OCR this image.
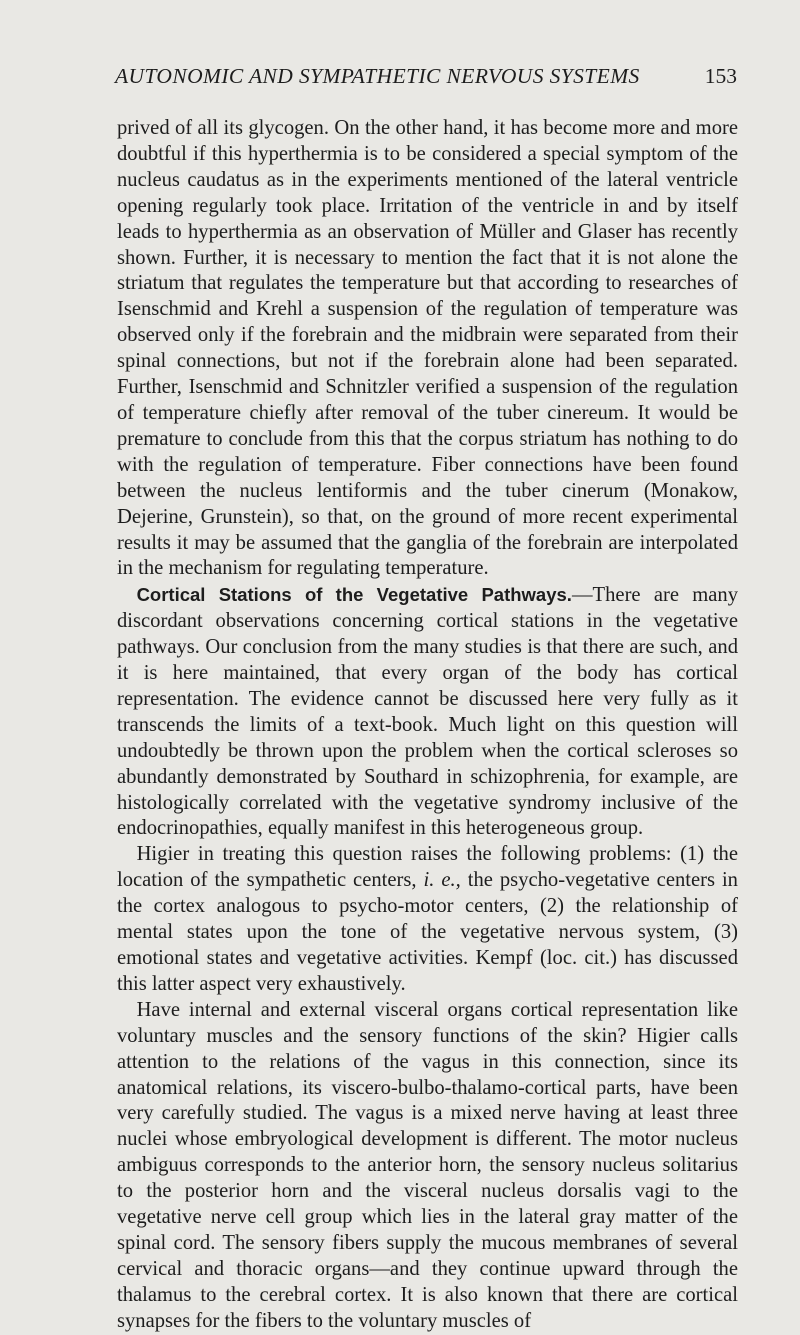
AUTONOMIC AND SYMPATHETIC NERVOUS SYSTEMS	153

prived of all its glycogen. On the other hand, it has become more and more doubtful if this hyperthermia is to be considered a special symptom of the nucleus caudatus as in the experiments mentioned of the lateral ventricle opening regularly took place. Irritation of the ventricle in and by itself leads to hyperthermia as an observation of Müller and Glaser has recently shown. Further, it is necessary to mention the fact that it is not alone the striatum that regulates the temperature but that according to researches of Isenschmid and Krehl a suspension of the regulation of temperature was observed only if the forebrain and the midbrain were separated from their spinal connections, but not if the forebrain alone had been separated. Further, Isenschmid and Schnitzler verified a suspension of the regulation of temperature chiefly after removal of the tuber cinereum. It would be premature to conclude from this that the corpus striatum has nothing to do with the regulation of temperature. Fiber connections have been found between the nucleus lentiformis and the tuber cinerum (Monakow, Dejerine, Grunstein), so that, on the ground of more recent experimental results it may be assumed that the ganglia of the forebrain are interpolated in the mechanism for regulating temperature.

Cortical Stations of the Vegetative Pathways.—There are many discordant observations concerning cortical stations in the vegetative pathways. Our conclusion from the many studies is that there are such, and it is here maintained, that every organ of the body has cortical representation. The evidence cannot be discussed here very fully as it transcends the limits of a text-book. Much light on this question will undoubtedly be thrown upon the problem when the cortical scleroses so abundantly demonstrated by Southard in schizophrenia, for example, are histologically correlated with the vegetative syndromy inclusive of the endocrinopathies, equally manifest in this heterogeneous group.

Higier in treating this question raises the following problems: (1) the location of the sympathetic centers, i. e., the psycho-vegetative centers in the cortex analogous to psycho-motor centers, (2) the relationship of mental states upon the tone of the vegetative nervous system, (3) emotional states and vegetative activities. Kempf (loc. cit.) has discussed this latter aspect very exhaustively.

Have internal and external visceral organs cortical representation like voluntary muscles and the sensory functions of the skin? Higier calls attention to the relations of the vagus in this connection, since its anatomical relations, its viscero-bulbo-thalamo-cortical parts, have been very carefully studied. The vagus is a mixed nerve having at least three nuclei whose embryological development is different. The motor nucleus ambiguus corresponds to the anterior horn, the sensory nucleus solitarius to the posterior horn and the visceral nucleus dorsalis vagi to the vegetative nerve cell group which lies in the lateral gray matter of the spinal cord. The sensory fibers supply the mucous membranes of several cervical and thoracic organs—and they continue upward through the thalamus to the cerebral cortex. It is also known that there are cortical synapses for the fibers to the voluntary muscles of
